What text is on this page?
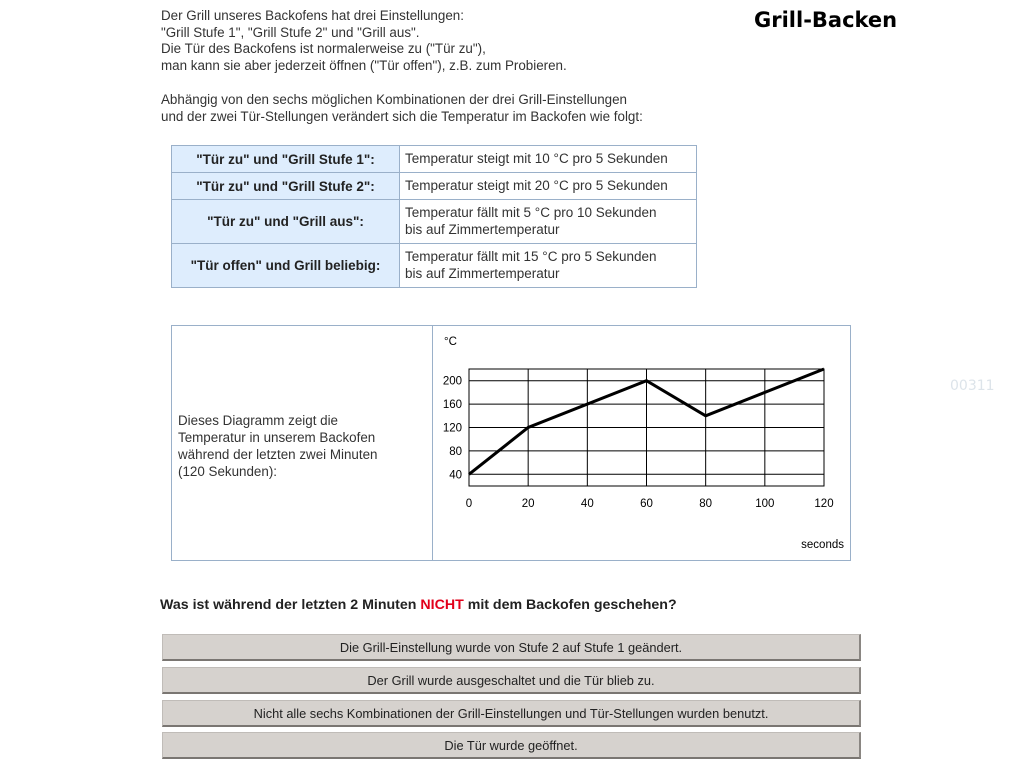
Grill-Backen
00311

Der Grill unseres Backofens hat drei Einstellungen:

"Grill Stufe 1", "Grill Stufe 2" und "Grill aus".

Die Tür des Backofens ist normalerweise zu ("Tür zu"),

man kann sie aber jederzeit öffnen ("Tür offen"), z.B. zum Probieren.

Abhängig von den sechs möglichen Kombinationen der drei Grill-Einstellungen

und der zwei Tür-Stellungen verändert sich die Temperatur im Backofen wie folgt:

"Tür zu" und "Grill Stufe 1":	Temperatur steigt mit 10 °C pro 5 Sekunden
"Tür zu" und "Grill Stufe 2":	Temperatur steigt mit 20 °C pro 5 Sekunden
"Tür zu" und "Grill aus":	Temperatur fällt mit 5 °C pro 10 Sekunden
bis auf Zimmertemperatur
"Tür offen" und Grill beliebig:	Temperatur fällt mit 15 °C pro 5 Sekunden
bis auf Zimmertemperatur
Dieses Diagramm zeigt die
Temperatur in unserem Backofen
während der letzten zwei Minuten
(120 Sekunden):
0	20	40	60	80	100	120
40
80
120
160
200
°C
seconds
Was ist während der letzten 2 Minuten NICHT mit dem Backofen geschehen?
Die Grill-Einstellung wurde von Stufe 2 auf Stufe 1 geändert.
Der Grill wurde ausgeschaltet und die Tür blieb zu.
Nicht alle sechs Kombinationen der Grill-Einstellungen und Tür-Stellungen wurden benutzt.
Die Tür wurde geöffnet.
